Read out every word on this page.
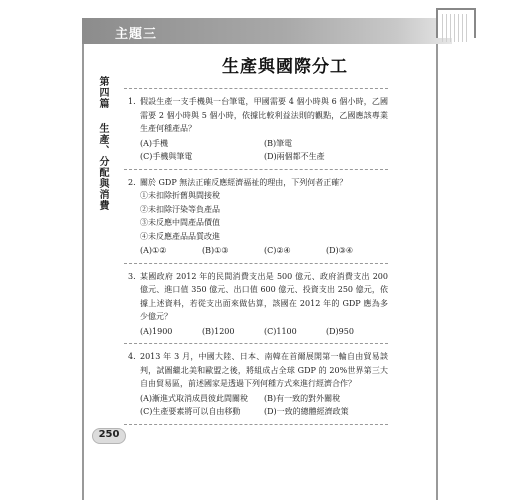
主題三
第四篇生產、分配與消費
生產與國際分工
1. 假設生產一支手機與一台筆電，甲國需要 4 個小時與 6 個小時，乙國需要 2 個小時與 5 個小時，依據比較利益法則的觀點，乙國應該專業生產何種產品？
(A)手機	(B)筆電
(C)手機與筆電	(D)兩個都不生產
2. 關於 GDP 無法正確反應經濟福祉的理由，下列何者正確？
①未扣除折舊與間接稅
②未扣除汙染等負產品
③未反應中間產品價值
④未反應產品品質改進
(A)①②	(B)①③	(C)②④	(D)③④
3. 某國政府 2012 年的民間消費支出是 500 億元、政府消費支出 200 億元、進口值 350 億元、出口值 600 億元、投資支出 250 億元，依據上述資料，若從支出面來做估算，該國在 2012 年的 GDP 應為多少億元？
(A)1900	(B)1200	(C)1100	(D)950
4. 2013 年 3 月，中國大陸、日本、南韓在首爾展開第一輪自由貿易談判，試圖繼北美和歐盟之後，將組成占全球 GDP 的 20%世界第三大自由貿易區，前述國家是透過下列何種方式來進行經濟合作？
(A)漸進式取消成員彼此間關稅	(B)有一致的對外關稅
(C)生產要素將可以自由移動	(D)一致的總體經濟政策
250
